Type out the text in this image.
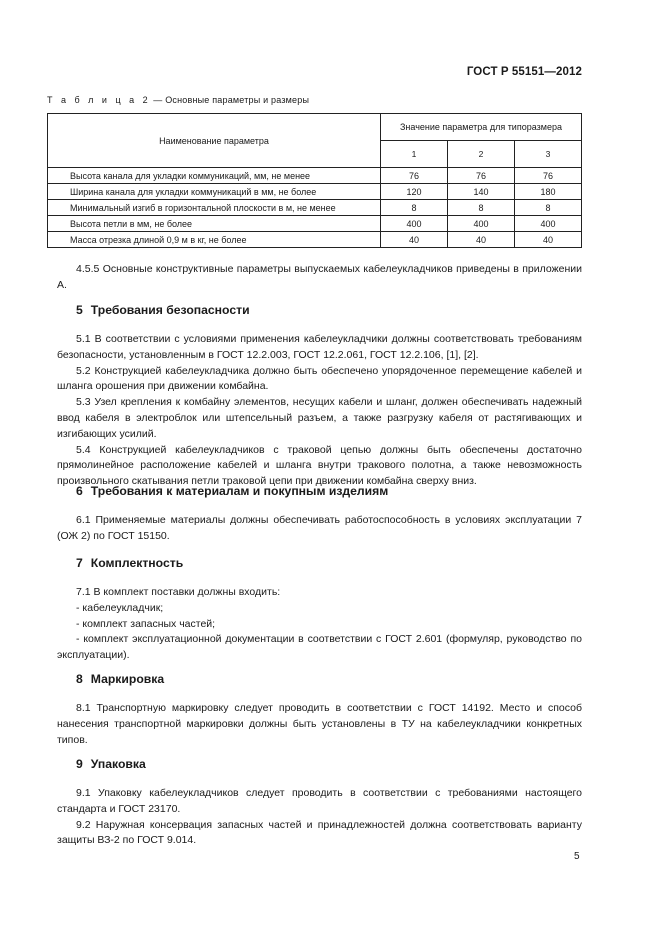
ГОСТ Р 55151—2012
Т а б л и ц а 2 — Основные параметры и размеры
Наименование параметра	Значение параметра для типоразмера		
	1	2	3
Высота канала для укладки коммуникаций, мм, не менее	76	76	76
Ширина канала для укладки коммуникаций в мм, не более	120	140	180
Минимальный изгиб в горизонтальной плоскости в м, не менее	8	8	8
Высота петли в мм, не более	400	400	400
Масса отрезка длиной 0,9 м в кг, не более	40	40	40
4.5.5 Основные конструктивные параметры выпускаемых кабелеукладчиков приведены в приложении А.
5 Требования безопасности

5.1 В соответствии с условиями применения кабелеукладчики должны соответствовать требованиям безопасности, установленным в ГОСТ 12.2.003, ГОСТ 12.2.061, ГОСТ 12.2.106, [1], [2].

5.2 Конструкцией кабелеукладчика должно быть обеспечено упорядоченное перемещение кабелей и шланга орошения при движении комбайна.

5.3 Узел крепления к комбайну элементов, несущих кабели и шланг, должен обеспечивать надежный ввод кабеля в электроблок или штепсельный разъем, а также разгрузку кабеля от растягивающих и изгибающих усилий.

5.4 Конструкцией кабелеукладчиков с траковой цепью должны быть обеспечены достаточно прямолинейное расположение кабелей и шланга внутри тракового полотна, а также невозможность произвольного скатывания петли траковой цепи при движении комбайна сверху вниз.

6 Требования к материалам и покупным изделиям
6.1 Применяемые материалы должны обеспечивать работоспособность в условиях эксплуатации 7 (ОЖ 2) по ГОСТ 15150.
7 Комплектность

7.1 В комплект поставки должны входить:

- кабелеукладчик;

- комплект запасных частей;

- комплект эксплуатационной документации в соответствии с ГОСТ 2.601 (формуляр, руководство по эксплуатации).

8 Маркировка
8.1 Транспортную маркировку следует проводить в соответствии с ГОСТ 14192. Место и способ нанесения транспортной маркировки должны быть установлены в ТУ на кабелеукладчики конкретных типов.
9 Упаковка

9.1 Упаковку кабелеукладчиков следует проводить в соответствии с требованиями настоящего стандарта и ГОСТ 23170.

9.2 Наружная консервация запасных частей и принадлежностей должна соответствовать варианту защиты ВЗ-2 по ГОСТ 9.014.

5
